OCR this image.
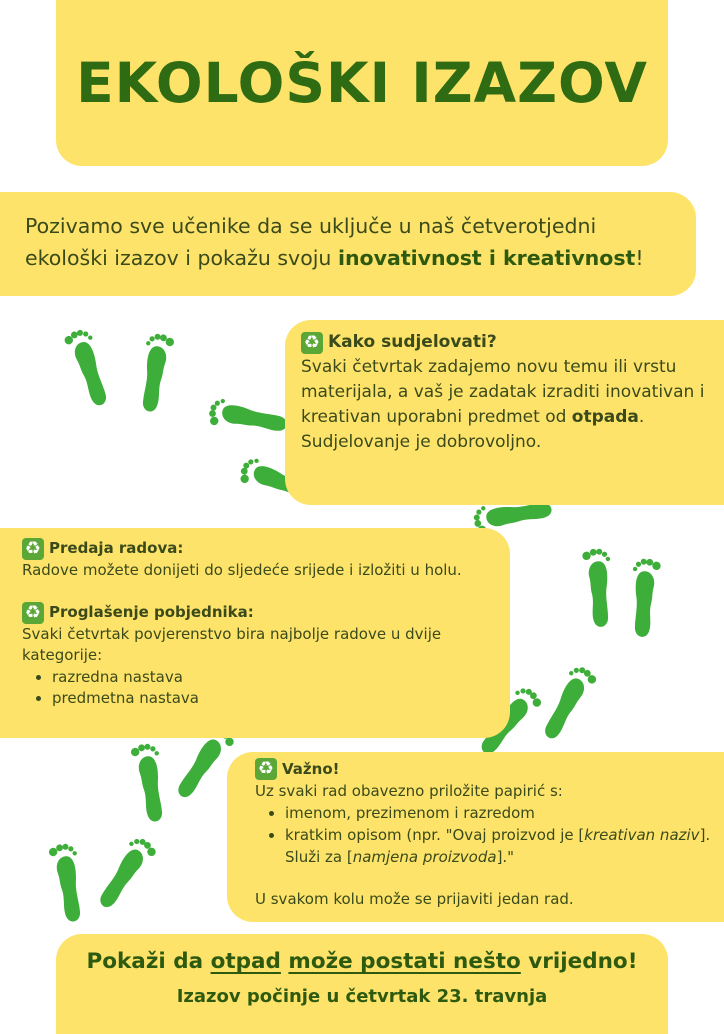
EKOLOŠKI IZAZOV
Pozivamo sve učenike da se uključe u naš četverotjedni ekološki izazov i pokažu svoju inovativnost i kreativnost!
♻ Kako sudjelovati?
Svaki četvrtak zadajemo novu temu ili vrstu materijala, a vaš je zadatak izraditi inovativan i kreativan uporabni predmet od otpada.
Sudjelovanje je dobrovoljno.
♻ Predaja radova:
Radove možete donijeti do sljedeće srijede i izložiti u holu.
♻ Proglašenje pobjednika:
Svaki četvrtak povjerenstvo bira najbolje radove u dvije kategorije:
• razredna nastava
• predmetna nastava
♻ Važno!
Uz svaki rad obavezno priložite papirić s:
• imenom, prezimenom i razredom
• kratkim opisom (npr. "Ovaj proizvod je [kreativan naziv]. Služi za [namjena proizvoda]."
U svakom kolu može se prijaviti jedan rad.
Pokaži da otpad može postati nešto vrijedno!
Izazov počinje u četvrtak 23. travnja
